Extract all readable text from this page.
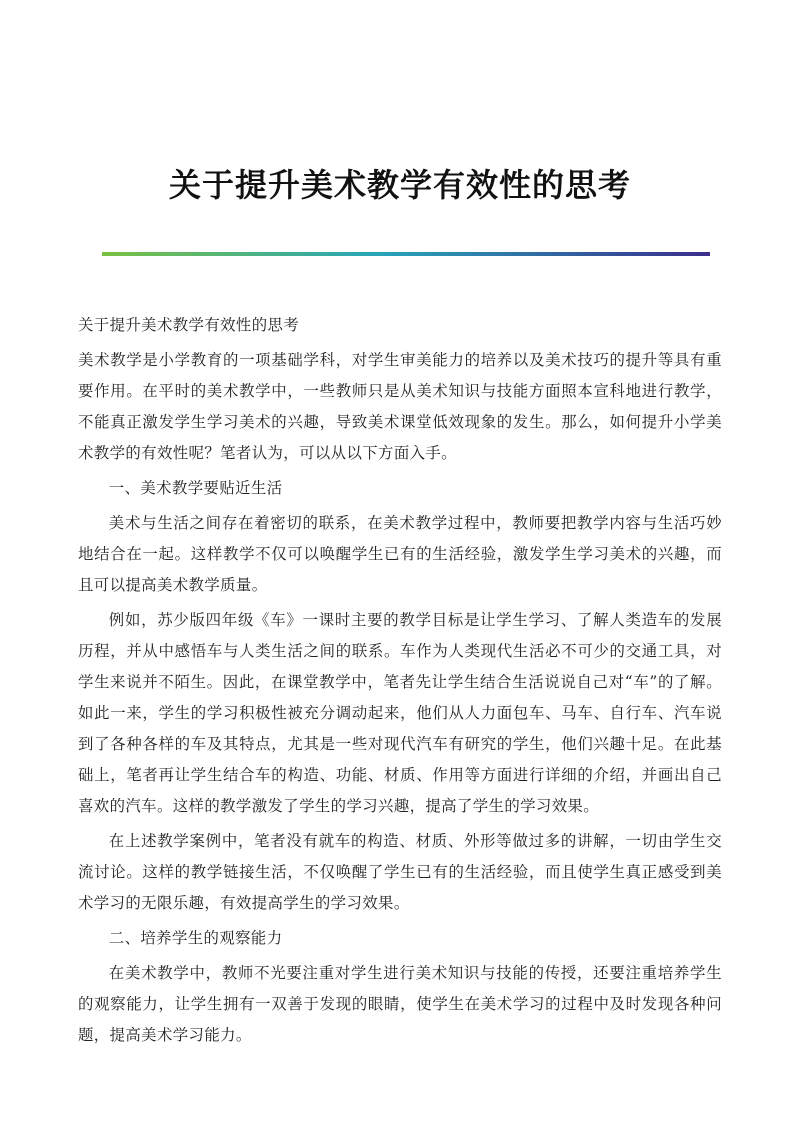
关于提升美术教学有效性的思考

关于提升美术教学有效性的思考

美术教学是小学教育的一项基础学科，对学生审美能力的培养以及美术技巧的提升等具有重要作用。在平时的美术教学中，一些教师只是从美术知识与技能方面照本宣科地进行教学，不能真正激发学生学习美术的兴趣，导致美术课堂低效现象的发生。那么，如何提升小学美术教学的有效性呢？笔者认为，可以从以下方面入手。

一、美术教学要贴近生活

美术与生活之间存在着密切的联系，在美术教学过程中，教师要把教学内容与生活巧妙地结合在一起。这样教学不仅可以唤醒学生已有的生活经验，激发学生学习美术的兴趣，而且可以提高美术教学质量。

例如，苏少版四年级《车》一课时主要的教学目标是让学生学习、了解人类造车的发展历程，并从中感悟车与人类生活之间的联系。车作为人类现代生活必不可少的交通工具，对学生来说并不陌生。因此，在课堂教学中，笔者先让学生结合生活说说自己对“车”的了解。如此一来，学生的学习积极性被充分调动起来，他们从人力面包车、马车、自行车、汽车说到了各种各样的车及其特点，尤其是一些对现代汽车有研究的学生，他们兴趣十足。在此基础上，笔者再让学生结合车的构造、功能、材质、作用等方面进行详细的介绍，并画出自己喜欢的汽车。这样的教学激发了学生的学习兴趣，提高了学生的学习效果。

在上述教学案例中，笔者没有就车的构造、材质、外形等做过多的讲解，一切由学生交流讨论。这样的教学链接生活，不仅唤醒了学生已有的生活经验，而且使学生真正感受到美术学习的无限乐趣，有效提高学生的学习效果。

二、培养学生的观察能力

在美术教学中，教师不光要注重对学生进行美术知识与技能的传授，还要注重培养学生的观察能力，让学生拥有一双善于发现的眼睛，使学生在美术学习的过程中及时发现各种问题，提高美术学习能力。
